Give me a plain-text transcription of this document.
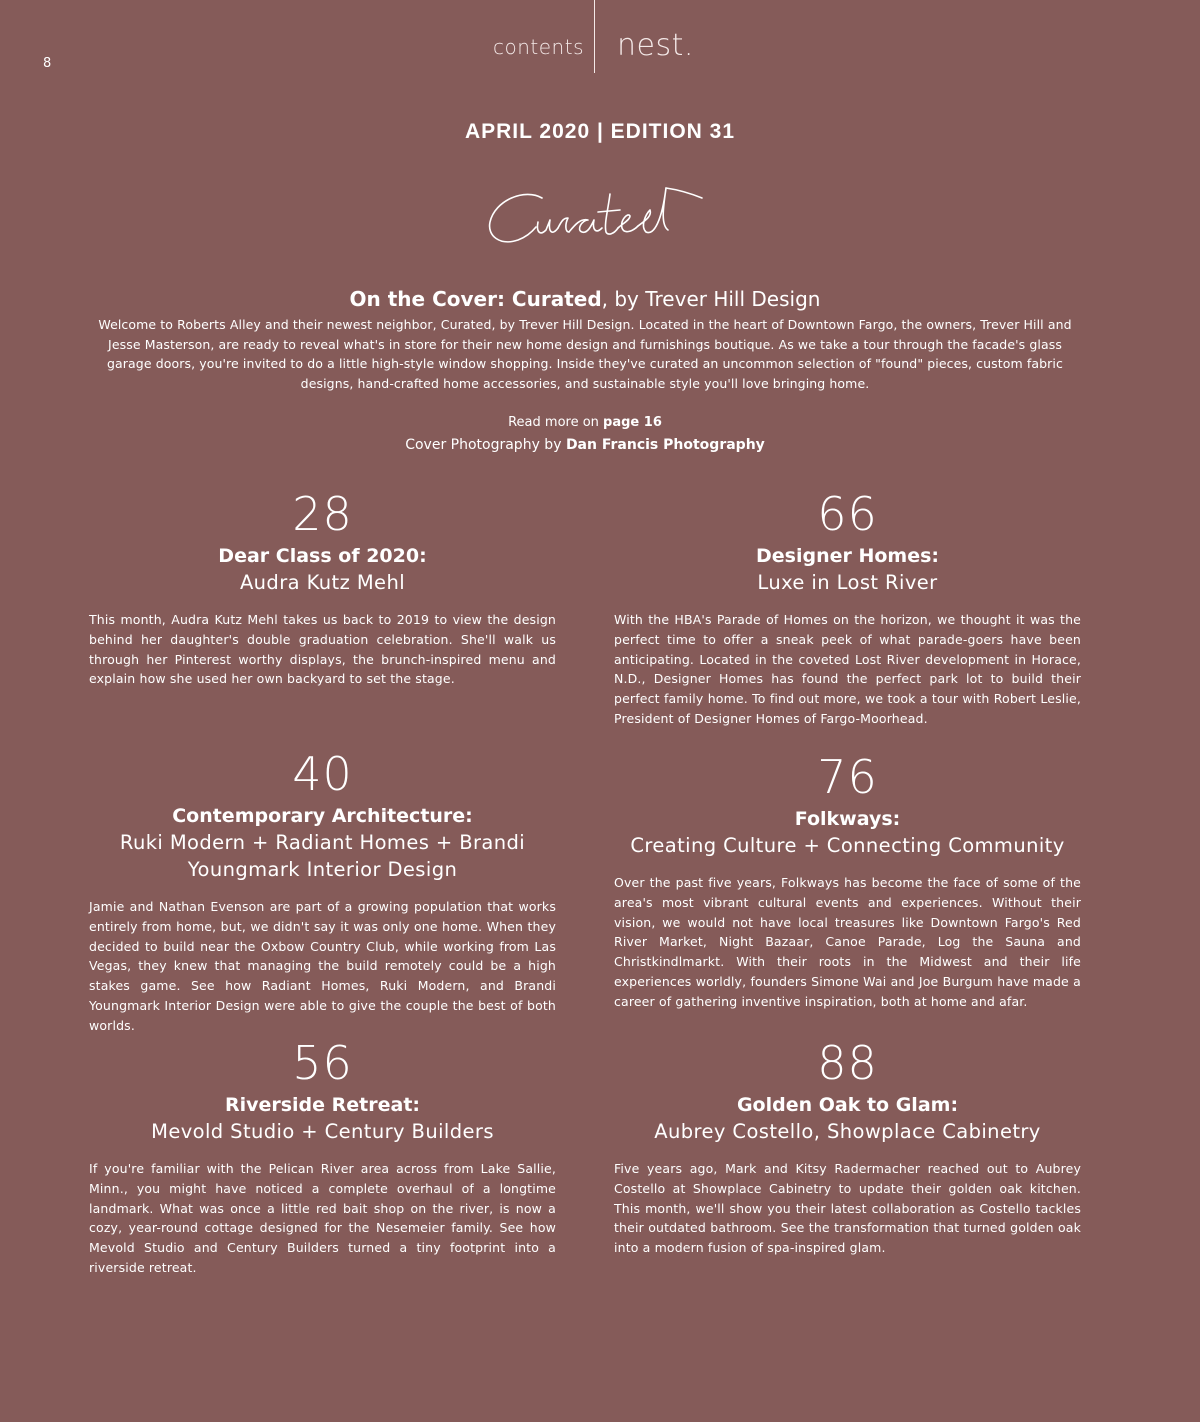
8
contents nest.
APRIL 2020 | EDITION 31
On the Cover: Curated, by Trever Hill Design

Welcome to Roberts Alley and their newest neighbor, Curated, by Trever Hill Design. Located in the heart of Downtown Fargo, the owners, Trever Hill and Jesse Masterson, are ready to reveal what's in store for their new home design and furnishings boutique. As we take a tour through the facade's glass garage doors, you're invited to do a little high-style window shopping. Inside they've curated an uncommon selection of "found" pieces, custom fabric designs, hand-crafted home accessories, and sustainable style you'll love bringing home.

Read more on page 16
Cover Photography by Dan Francis Photography
28
Dear Class of 2020:
Audra Kutz Mehl
This month, Audra Kutz Mehl takes us back to 2019 to view the design behind her daughter's double graduation celebration. She'll walk us through her Pinterest worthy displays, the brunch-inspired menu and explain how she used her own backyard to set the stage.
66
Designer Homes:
Luxe in Lost River
With the HBA's Parade of Homes on the horizon, we thought it was the perfect time to offer a sneak peek of what parade-goers have been anticipating. Located in the coveted Lost River development in Horace, N.D., Designer Homes has found the perfect park lot to build their perfect family home. To find out more, we took a tour with Robert Leslie, President of Designer Homes of Fargo-Moorhead.
40
Contemporary Architecture:
Ruki Modern + Radiant Homes + Brandi Youngmark Interior Design
Jamie and Nathan Evenson are part of a growing population that works entirely from home, but, we didn't say it was only one home. When they decided to build near the Oxbow Country Club, while working from Las Vegas, they knew that managing the build remotely could be a high stakes game. See how Radiant Homes, Ruki Modern, and Brandi Youngmark Interior Design were able to give the couple the best of both worlds.
76
Folkways:
Creating Culture + Connecting Community
Over the past five years, Folkways has become the face of some of the area's most vibrant cultural events and experiences. Without their vision, we would not have local treasures like Downtown Fargo's Red River Market, Night Bazaar, Canoe Parade, Log the Sauna and Christkindlmarkt. With their roots in the Midwest and their life experiences worldly, founders Simone Wai and Joe Burgum have made a career of gathering inventive inspiration, both at home and afar.
56
Riverside Retreat:
Mevold Studio + Century Builders
If you're familiar with the Pelican River area across from Lake Sallie, Minn., you might have noticed a complete overhaul of a longtime landmark. What was once a little red bait shop on the river, is now a cozy, year-round cottage designed for the Nesemeier family. See how Mevold Studio and Century Builders turned a tiny footprint into a riverside retreat.
88
Golden Oak to Glam:
Aubrey Costello, Showplace Cabinetry
Five years ago, Mark and Kitsy Radermacher reached out to Aubrey Costello at Showplace Cabinetry to update their golden oak kitchen. This month, we'll show you their latest collaboration as Costello tackles their outdated bathroom. See the transformation that turned golden oak into a modern fusion of spa-inspired glam.
